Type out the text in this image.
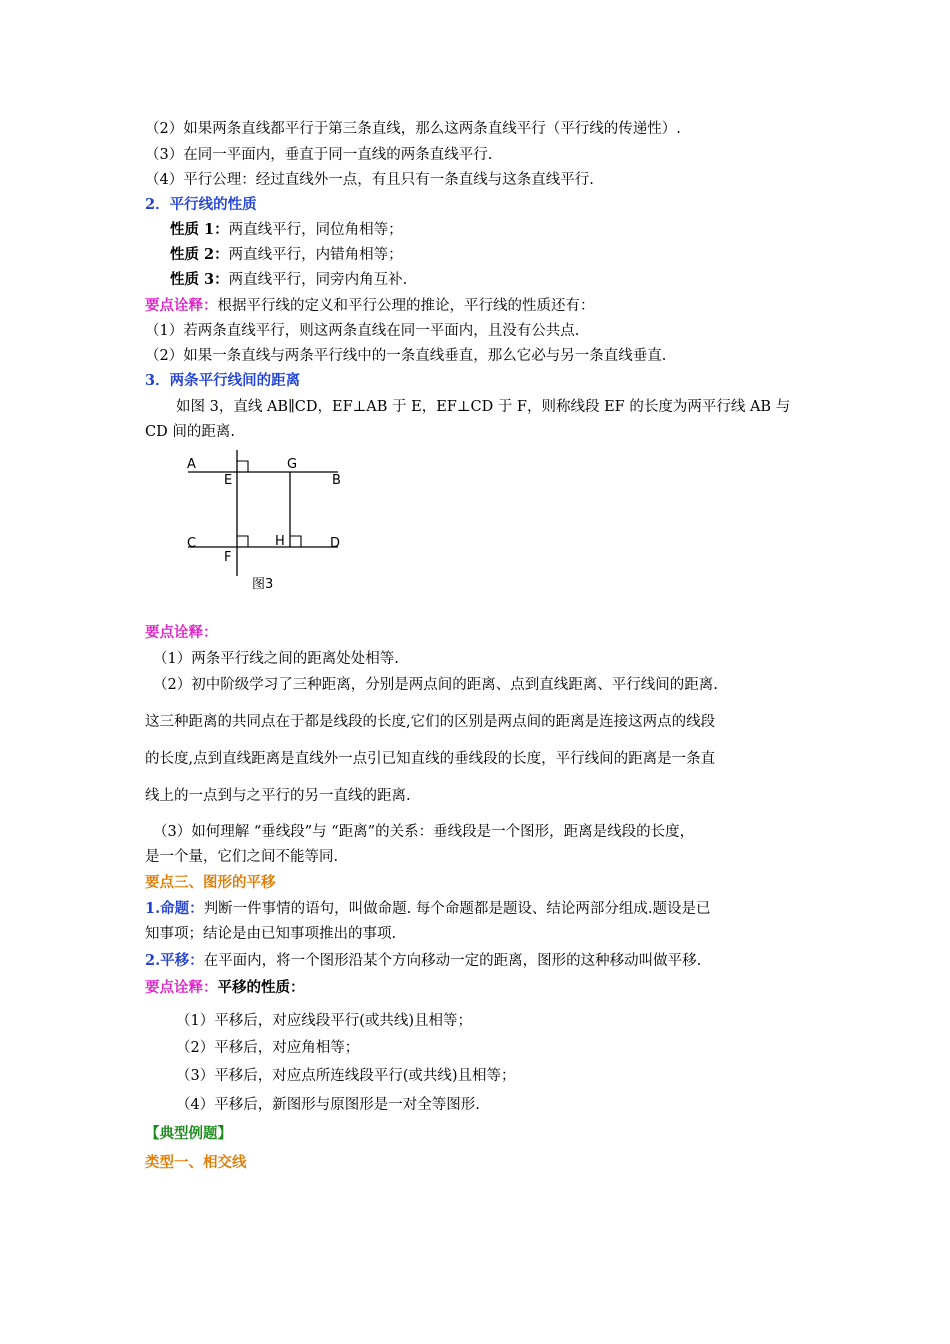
（2）如果两条直线都平行于第三条直线，那么这两条直线平行（平行线的传递性）.
（3）在同一平面内，垂直于同一直线的两条直线平行.
（4）平行公理：经过直线外一点，有且只有一条直线与这条直线平行.
2．平行线的性质
性质 1：两直线平行，同位角相等；
性质 2：两直线平行，内错角相等；
性质 3：两直线平行，同旁内角互补.
要点诠释：根据平行线的定义和平行公理的推论，平行线的性质还有：
（1）若两条直线平行，则这两条直线在同一平面内，且没有公共点.
（2）如果一条直线与两条平行线中的一条直线垂直，那么它必与另一条直线垂直.
3．两条平行线间的距离
如图 3，直线 AB∥CD，EF⊥AB 于 E，EF⊥CD 于 F，则称线段 EF 的长度为两平行线 AB 与
CD 间的距离.
A
E
G
B
C	H	D
F
图3
要点诠释：
（1）两条平行线之间的距离处处相等.
（2）初中阶级学习了三种距离，分别是两点间的距离、点到直线距离、平行线间的距离.
这三种距离的共同点在于都是线段的长度,它们的区别是两点间的距离是连接这两点的线段
的长度,点到直线距离是直线外一点引已知直线的垂线段的长度，平行线间的距离是一条直
线上的一点到与之平行的另一直线的距离.
（3）如何理解 “垂线段”与 “距离”的关系：垂线段是一个图形，距离是线段的长度，
是一个量，它们之间不能等同.
要点三、图形的平移
1.命题：判断一件事情的语句，叫做命题. 每个命题都是题设、结论两部分组成.题设是已
知事项；结论是由已知事项推出的事项.
2.平移：在平面内，将一个图形沿某个方向移动一定的距离，图形的这种移动叫做平移.
要点诠释：平移的性质：
（1）平移后，对应线段平行(或共线)且相等；
（2）平移后，对应角相等；
（3）平移后，对应点所连线段平行(或共线)且相等；
（4）平移后，新图形与原图形是一对全等图形.
【典型例题】
类型一、相交线
